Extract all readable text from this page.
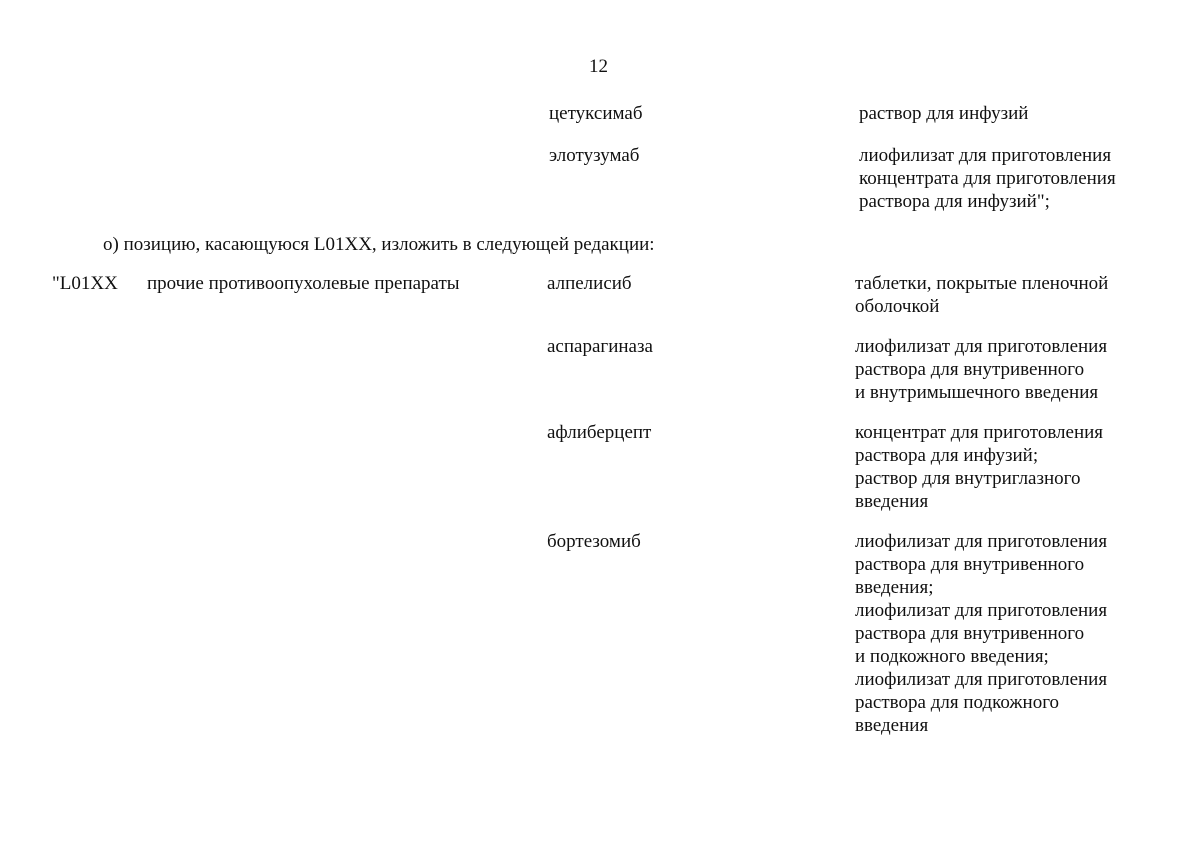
12
цетуксимаб	раствор для инфузий
элотузумаб	лиофилизат для приготовления
концентрата для приготовления
раствора для инфузий";
о) позицию, касающуюся L01XX, изложить в следующей редакции:
"L01XX прочие противоопухолевые препараты	алпелисиб	таблетки, покрытые пленочной
оболочкой
аспарагиназа	лиофилизат для приготовления
раствора для внутривенного
и внутримышечного введения
афлиберцепт	концентрат для приготовления
раствора для инфузий;
раствор для внутриглазного
введения
бортезомиб	лиофилизат для приготовления
раствора для внутривенного
введения;
лиофилизат для приготовления
раствора для внутривенного
и подкожного введения;
лиофилизат для приготовления
раствора для подкожного
введения
